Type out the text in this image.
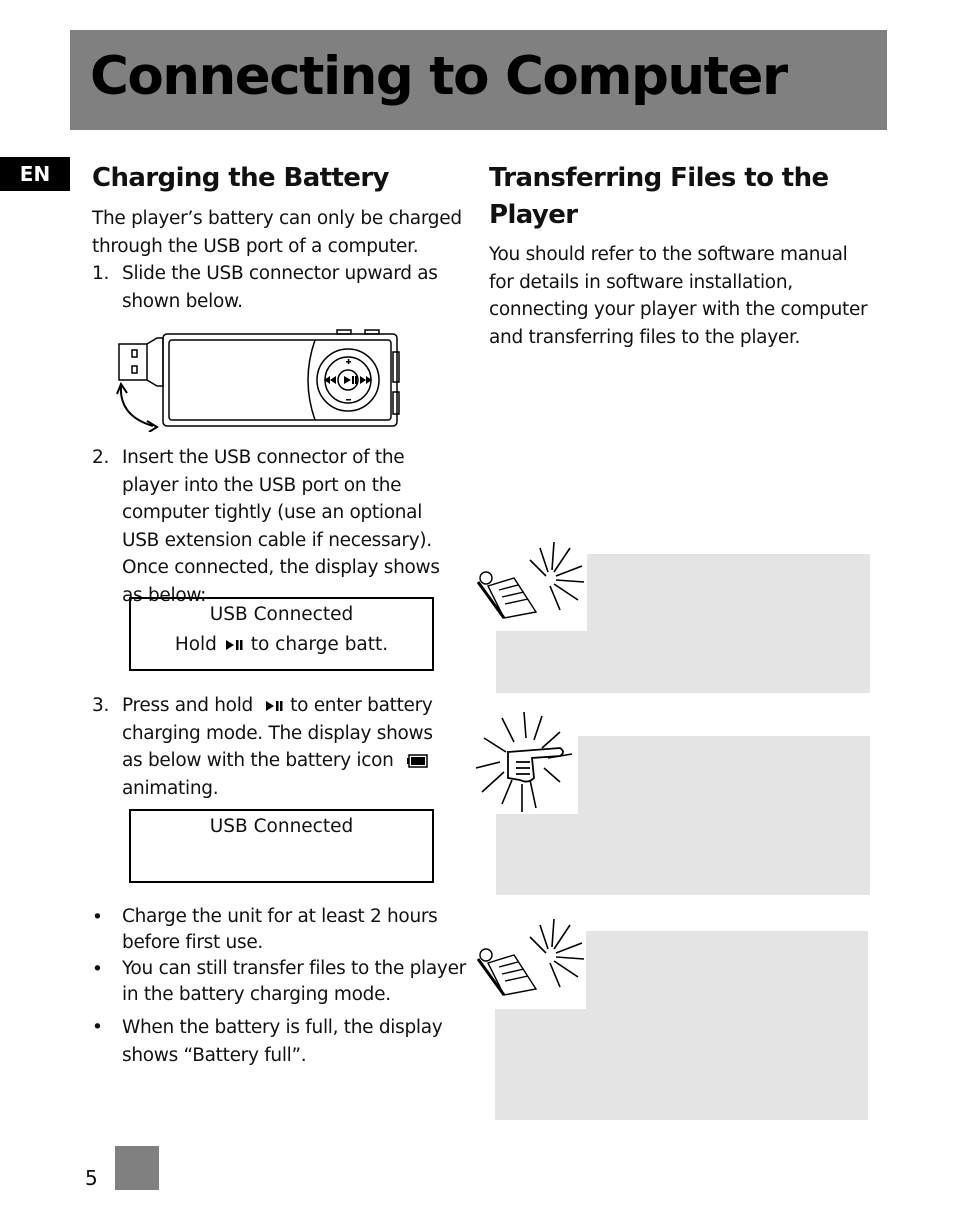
Connecting to Computer
EN	Charging the Battery
The player’s battery can only be charged through the USB port of a computer.
1. Slide the USB connector upward as shown below.
2. Insert the USB connector of the player into the USB port on the computer tightly (use an optional USB extension cable if necessary). Once connected, the display shows as below:
USB Connected
Hold to charge batt.
3. Press and hold to enter battery charging mode. The display shows as below with the battery icon  animating.
USB Connected
• Charge the unit for at least 2 hours before first use.
• You can still transfer files to the player in the battery charging mode.
• When the battery is full, the display shows “Battery full”.
Transferring Files to the Player
You should refer to the software manual for details in software installation, connecting your player with the computer and transferring files to the player.
5
